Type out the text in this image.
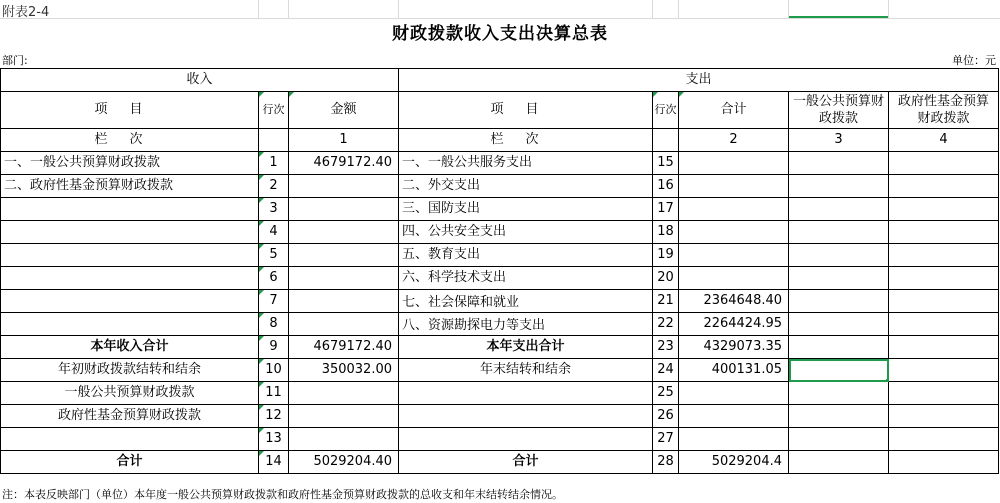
附表2-4
财政拨款收入支出决算总表
部门:	单位：元
收入			支出				
项目	行次	金额	项目	行次	合计	一般公共预算财政拨款	政府性基金预算财政拨款
栏次		1	栏次		2	3	4
一、一般公共预算财政拨款	1	4679172.40	一、一般公共服务支出	15			
二、政府性基金预算财政拨款	2		二、外交支出	16			
	3		三、国防支出	17			
	4		四、公共安全支出	18			
	5		五、教育支出	19			
	6		六、科学技术支出	20			
	7		七、社会保障和就业	21	2364648.40		
	8		八、资源勘探电力等支出	22	2264424.95		
本年收入合计	9	4679172.40	本年支出合计	23	4329073.35		
年初财政拨款结转和结余	10	350032.00	年末结转和结余	24	400131.05	

一般公共预算财政拨款	11			25			
政府性基金预算财政拨款	12			26			
	13			27			
合计	14	5029204.40	合计	28	5029204.4		
注：本表反映部门（单位）本年度一般公共预算财政拨款和政府性基金预算财政拨款的总收支和年末结转结余情况。
